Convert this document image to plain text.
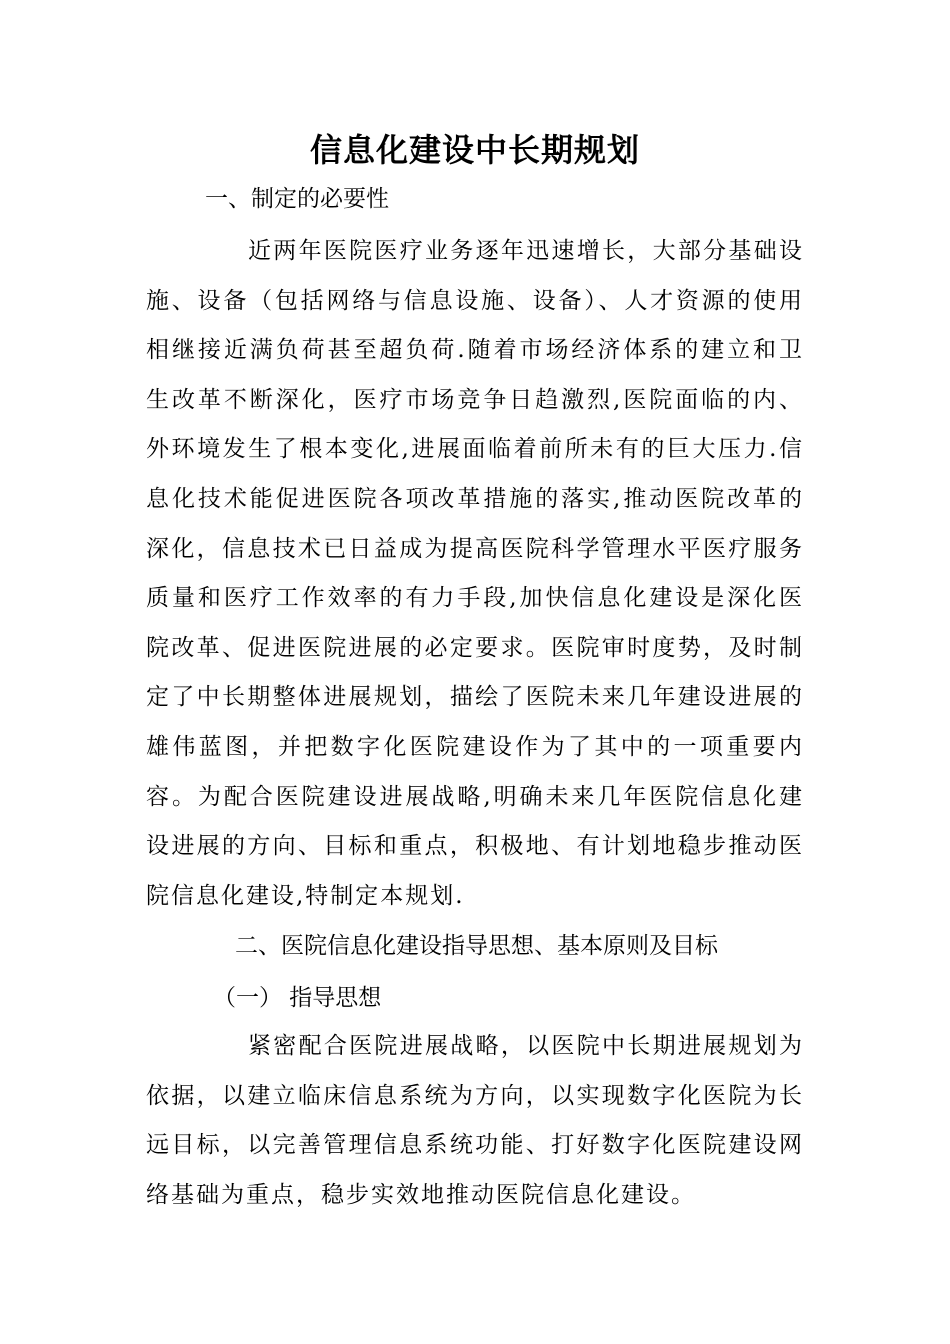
信息化建设中长期规划
一、制定的必要性

近两年医院医疗业务逐年迅速增长，大部分基础设施、设备（包括网络与信息设施、设备）、人才资源的使用相继接近满负荷甚至超负荷.随着市场经济体系的建立和卫生改革不断深化，医疗市场竞争日趋激烈,医院面临的内、外环境发生了根本变化,进展面临着前所未有的巨大压力.信息化技术能促进医院各项改革措施的落实,推动医院改革的深化，信息技术已日益成为提高医院科学管理水平医疗服务质量和医疗工作效率的有力手段,加快信息化建设是深化医院改革、促进医院进展的必定要求。医院审时度势，及时制定了中长期整体进展规划，描绘了医院未来几年建设进展的雄伟蓝图，并把数字化医院建设作为了其中的一项重要内容。为配合医院建设进展战略,明确未来几年医院信息化建设进展的方向、目标和重点，积极地、有计划地稳步推动医院信息化建设,特制定本规划.

二、医院信息化建设指导思想、基本原则及目标
（一） 指导思想

紧密配合医院进展战略，以医院中长期进展规划为依据，以建立临床信息系统为方向，以实现数字化医院为长远目标，以完善管理信息系统功能、打好数字化医院建设网络基础为重点，稳步实效地推动医院信息化建设。
